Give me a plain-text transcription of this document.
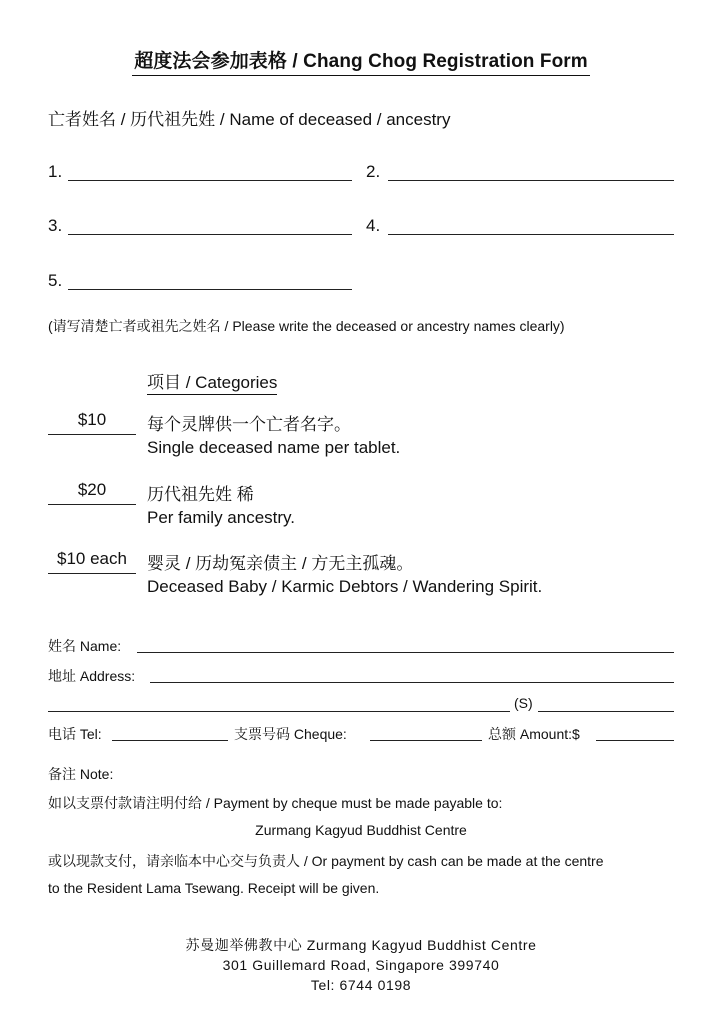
超度法会参加表格 / Chang Chog Registration Form
亡者姓名 / 历代祖先姓 / Name of deceased / ancestry
1.	2.
3.	4.
5.
(请写清楚亡者或祖先之姓名 / Please write the deceased or ancestry names clearly)
项目 / Categories
$10	每个灵牌供一个亡者名字。
Single deceased name per tablet.
$20	历代祖先姓 稀
Per family ancestry.
$10 each	婴灵 / 历劫冤亲债主 / 方无主孤魂。
Deceased Baby / Karmic Debtors / Wandering Spirit.
姓名 Name:
地址 Address:
(S)
电话 Tel:	支票号码 Cheque:	总额 Amount:$
备注 Note:
如以支票付款请注明付给 / Payment by cheque must be made payable to:
Zurmang Kagyud Buddhist Centre
或以现款支付，请亲临本中心交与负责人 / Or payment by cash can be made at the centre
to the Resident Lama Tsewang. Receipt will be given.
苏曼迦举佛教中心 Zurmang Kagyud Buddhist Centre
301 Guillemard Road, Singapore 399740
Tel: 6744 0198
